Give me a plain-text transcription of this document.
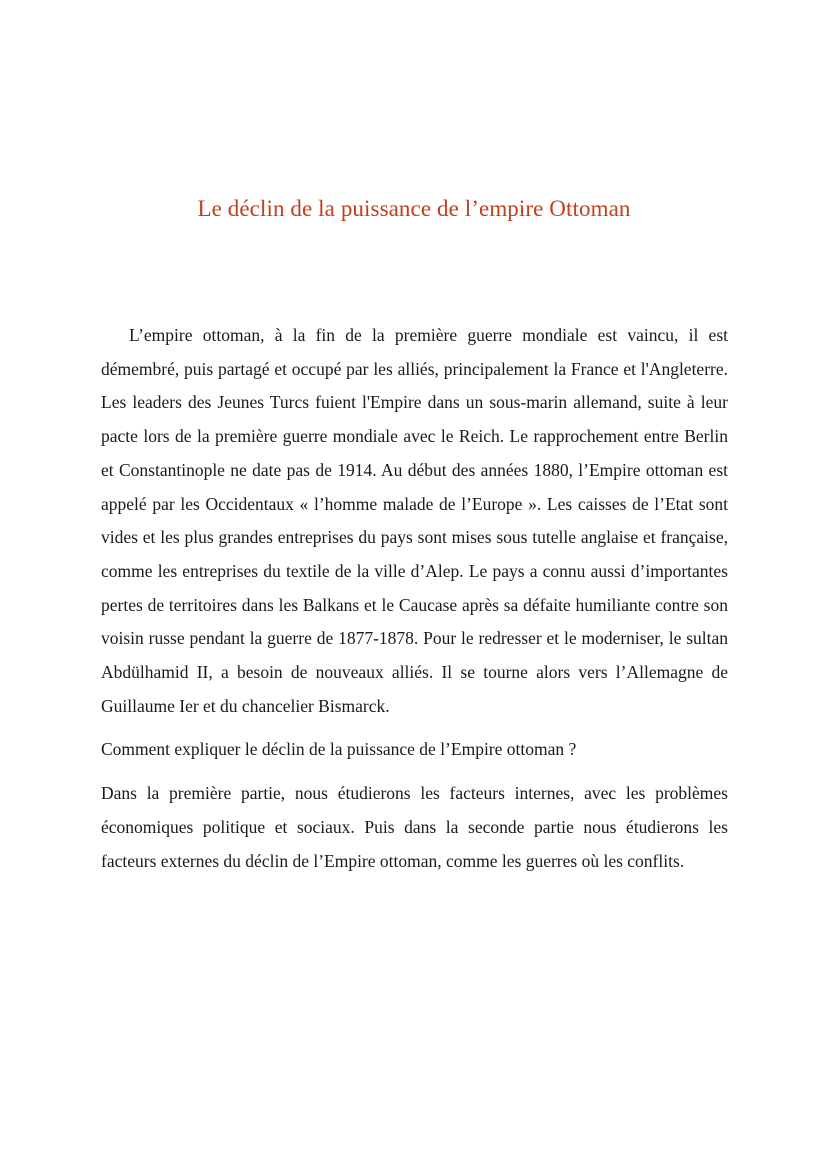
Le déclin de la puissance de l’empire Ottoman

L’empire ottoman, à la fin de la première guerre mondiale est vaincu, il est démembré, puis partagé et occupé par les alliés, principalement la France et l'Angleterre. Les leaders des Jeunes Turcs fuient l'Empire dans un sous-marin allemand, suite à leur pacte lors de la première guerre mondiale avec le Reich. Le rapprochement entre Berlin et Constantinople ne date pas de 1914. Au début des années 1880, l’Empire ottoman est appelé par les Occidentaux « l’homme malade de l’Europe ». Les caisses de l’Etat sont vides et les plus grandes entreprises du pays sont mises sous tutelle anglaise et française, comme les entreprises du textile de la ville d’Alep. Le pays a connu aussi d’importantes pertes de territoires dans les Balkans et le Caucase après sa défaite humiliante contre son voisin russe pendant la guerre de 1877-1878. Pour le redresser et le moderniser, le sultan Abdülhamid II, a besoin de nouveaux alliés. Il se tourne alors vers l’Allemagne de Guillaume Ier et du chancelier Bismarck.

Comment expliquer le déclin de la puissance de l’Empire ottoman ?

Dans la première partie, nous étudierons les facteurs internes, avec les problèmes économiques politique et sociaux. Puis dans la seconde partie nous étudierons les facteurs externes du déclin de l’Empire ottoman, comme les guerres où les conflits.
